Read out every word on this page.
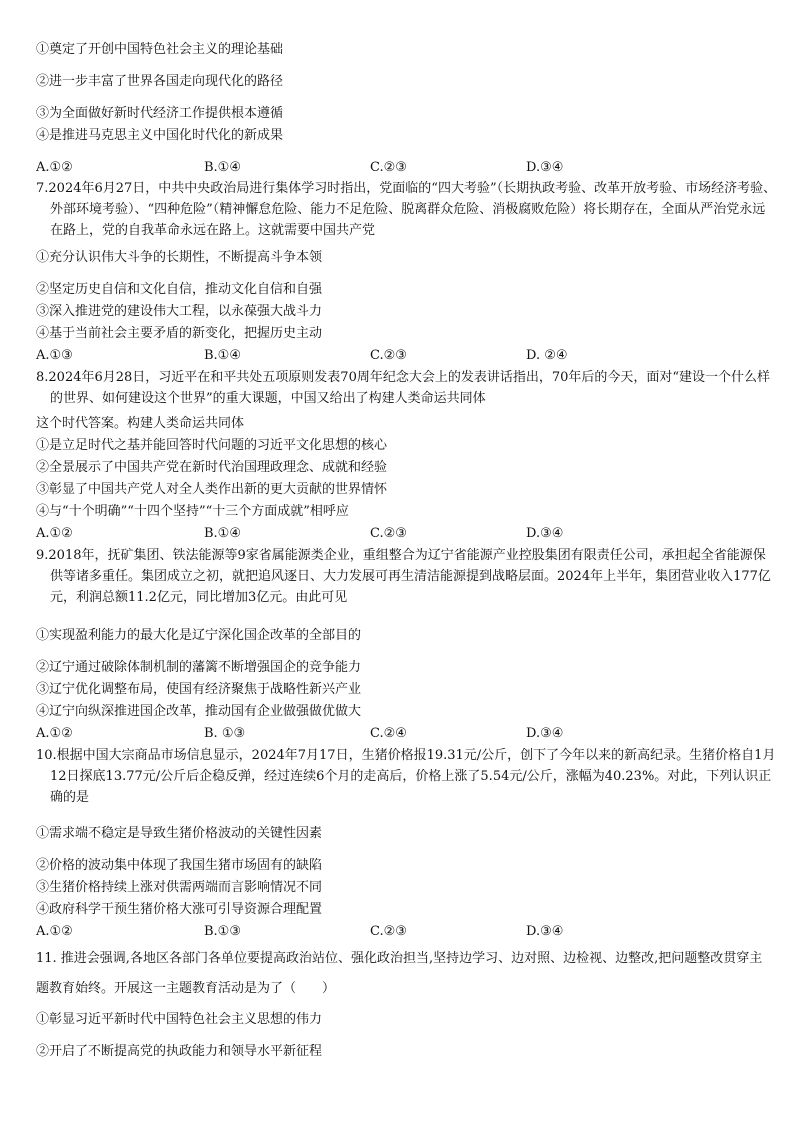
①奠定了开创中国特色社会主义的理论基础
②进一步丰富了世界各国走向现代化的路径
③为全面做好新时代经济工作提供根本遵循
④是推进马克思主义中国化时代化的新成果
A.①②	B.①④	C.②③	D.③④
7.2024年6月27日，中共中央政治局进行集体学习时指出，党面临的“四大考验”（长期执政考验、改革开放考验、市场经济考验、外部环境考验）、“四种危险”（精神懈怠危险、能力不足危险、脱离群众危险、消极腐败危险）将长期存在，全面从严治党永远在路上，党的自我革命永远在路上。这就需要中国共产党
①充分认识伟大斗争的长期性，不断提高斗争本领
②坚定历史自信和文化自信，推动文化自信和自强
③深入推进党的建设伟大工程，以永葆强大战斗力
④基于当前社会主要矛盾的新变化，把握历史主动
A.①③	B.①④	C.②③	D. ②④
8.2024年6月28日，习近平在和平共处五项原则发表70周年纪念大会上的发表讲话指出，70年后的今天，面对“建设一个什么样的世界、如何建设这个世界”的重大课题，中国又给出了构建人类命运共同体
这个时代答案。构建人类命运共同体
①是立足时代之基并能回答时代问题的习近平文化思想的核心
②全景展示了中国共产党在新时代治国理政理念、成就和经验
③彰显了中国共产党人对全人类作出新的更大贡献的世界情怀
④与“十个明确”“十四个坚持”“十三个方面成就”相呼应
A.①②	B.①④	C.②③	D.③④
9.2018年，抚矿集团、铁法能源等9家省属能源类企业，重组整合为辽宁省能源产业控股集团有限责任公司，承担起全省能源保供等诸多重任。集团成立之初，就把追风逐日、大力发展可再生清洁能源提到战略层面。2024年上半年，集团营业收入177亿元，利润总额11.2亿元，同比增加3亿元。由此可见
①实现盈利能力的最大化是辽宁深化国企改革的全部目的
②辽宁通过破除体制机制的藩篱不断增强国企的竞争能力
③辽宁优化调整布局，使国有经济聚焦于战略性新兴产业
④辽宁向纵深推进国企改革，推动国有企业做强做优做大
A.①②	B. ①③	C.②④	D.③④
10.根据中国大宗商品市场信息显示，2024年7月17日，生猪价格报19.31元/公斤，创下了今年以来的新高纪录。生猪价格自1月12日探底13.77元/公斤后企稳反弹，经过连续6个月的走高后，价格上涨了5.54元/公斤，涨幅为40.23%。对此，下列认识正确的是
①需求端不稳定是导致生猪价格波动的关键性因素
②价格的波动集中体现了我国生猪市场固有的缺陷
③生猪价格持续上涨对供需两端而言影响情况不同
④政府科学干预生猪价格大涨可引导资源合理配置
A.①②	B.①③	C.②③	D.③④
11. 推进会强调,各地区各部门各单位要提高政治站位、强化政治担当,坚持边学习、边对照、边检视、边整改,把问题整改贯穿主题教育始终。开展这一主题教育活动是为了（　　）
①彰显习近平新时代中国特色社会主义思想的伟力
②开启了不断提高党的执政能力和领导水平新征程
